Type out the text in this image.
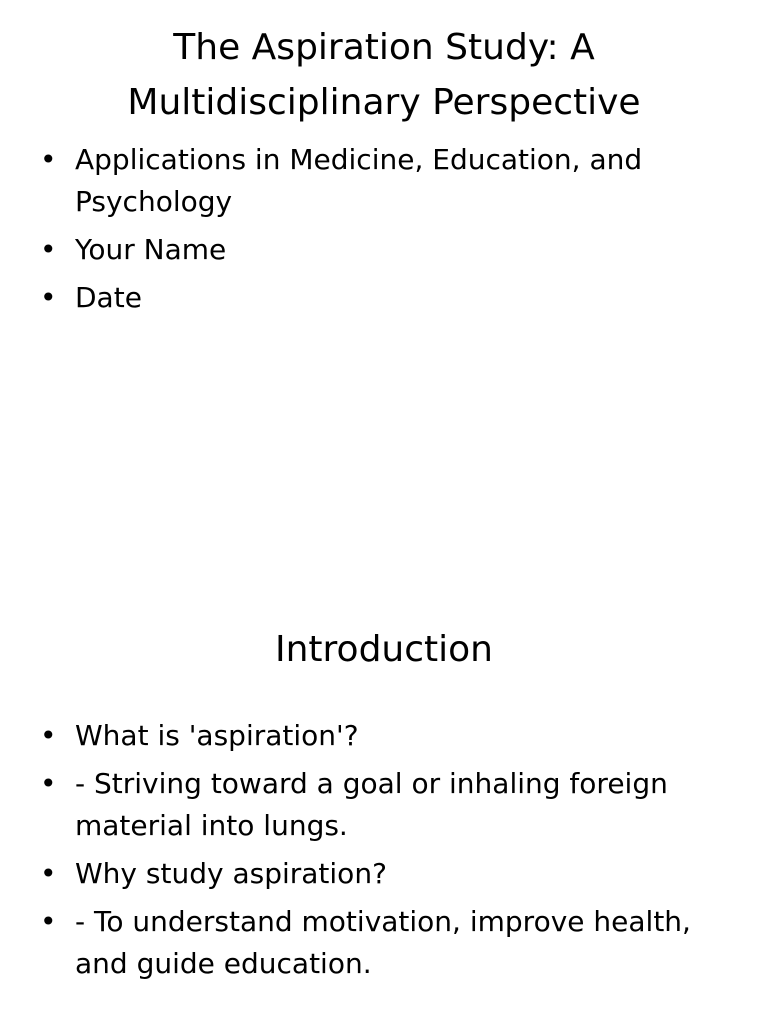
The Aspiration Study: A Multidisciplinary Perspective
• Applications in Medicine, Education, and Psychology
• Your Name
• Date
Introduction
• What is 'aspiration'?
• - Striving toward a goal or inhaling foreign material into lungs.
• Why study aspiration?
• - To understand motivation, improve health, and guide education.
